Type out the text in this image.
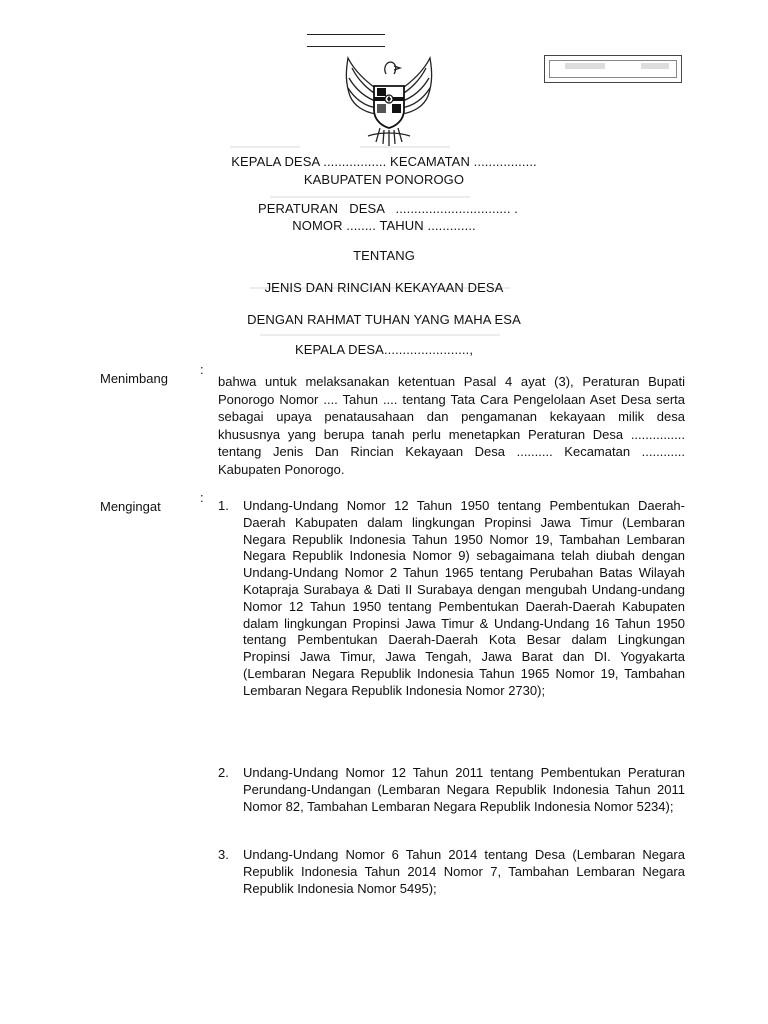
KEPALA DESA ................. KECAMATAN .................
KABUPATEN PONOROGO
PERATURAN   DESA   ............................... .
NOMOR ........ TAHUN .............
TENTANG
JENIS DAN RINCIAN KEKAYAAN DESA
DENGAN RAHMAT TUHAN YANG MAHA ESA
KEPALA DESA.......................,
Menimbang
:
bahwa untuk melaksanakan ketentuan Pasal 4 ayat (3), Peraturan Bupati Ponorogo Nomor .... Tahun .... tentang Tata Cara Pengelolaan Aset Desa serta sebagai upaya penatausahaan dan pengamanan kekayaan milik desa khususnya yang berupa tanah perlu menetapkan Peraturan Desa ............... tentang Jenis Dan Rincian Kekayaan Desa .......... Kecamatan ............ Kabupaten Ponorogo.
Mengingat
:
1.	Undang-Undang Nomor 12 Tahun 1950 tentang Pembentukan Daerah-Daerah Kabupaten dalam lingkungan Propinsi Jawa Timur (Lembaran Negara Republik Indonesia Tahun 1950 Nomor 19, Tambahan Lembaran Negara Republik Indonesia Nomor 9) sebagaimana telah diubah dengan Undang-Undang Nomor 2 Tahun 1965 tentang Perubahan Batas Wilayah Kotapraja Surabaya & Dati II Surabaya dengan mengubah Undang-undang Nomor 12 Tahun 1950 tentang Pembentukan Daerah-Daerah Kabupaten dalam lingkungan Propinsi Jawa Timur & Undang-Undang 16 Tahun 1950 tentang Pembentukan Daerah-Daerah Kota Besar dalam Lingkungan Propinsi Jawa Timur, Jawa Tengah, Jawa Barat dan DI. Yogyakarta (Lembaran Negara Republik Indonesia Tahun 1965 Nomor 19, Tambahan Lembaran Negara Republik Indonesia Nomor 2730);
2.	Undang-Undang Nomor 12 Tahun 2011 tentang Pembentukan Peraturan Perundang-Undangan (Lembaran Negara Republik Indonesia Tahun 2011 Nomor 82, Tambahan Lembaran Negara Republik Indonesia Nomor 5234);
3.	Undang-Undang Nomor 6 Tahun 2014 tentang Desa (Lembaran Negara Republik Indonesia Tahun 2014 Nomor 7, Tambahan Lembaran Negara Republik Indonesia Nomor 5495);
